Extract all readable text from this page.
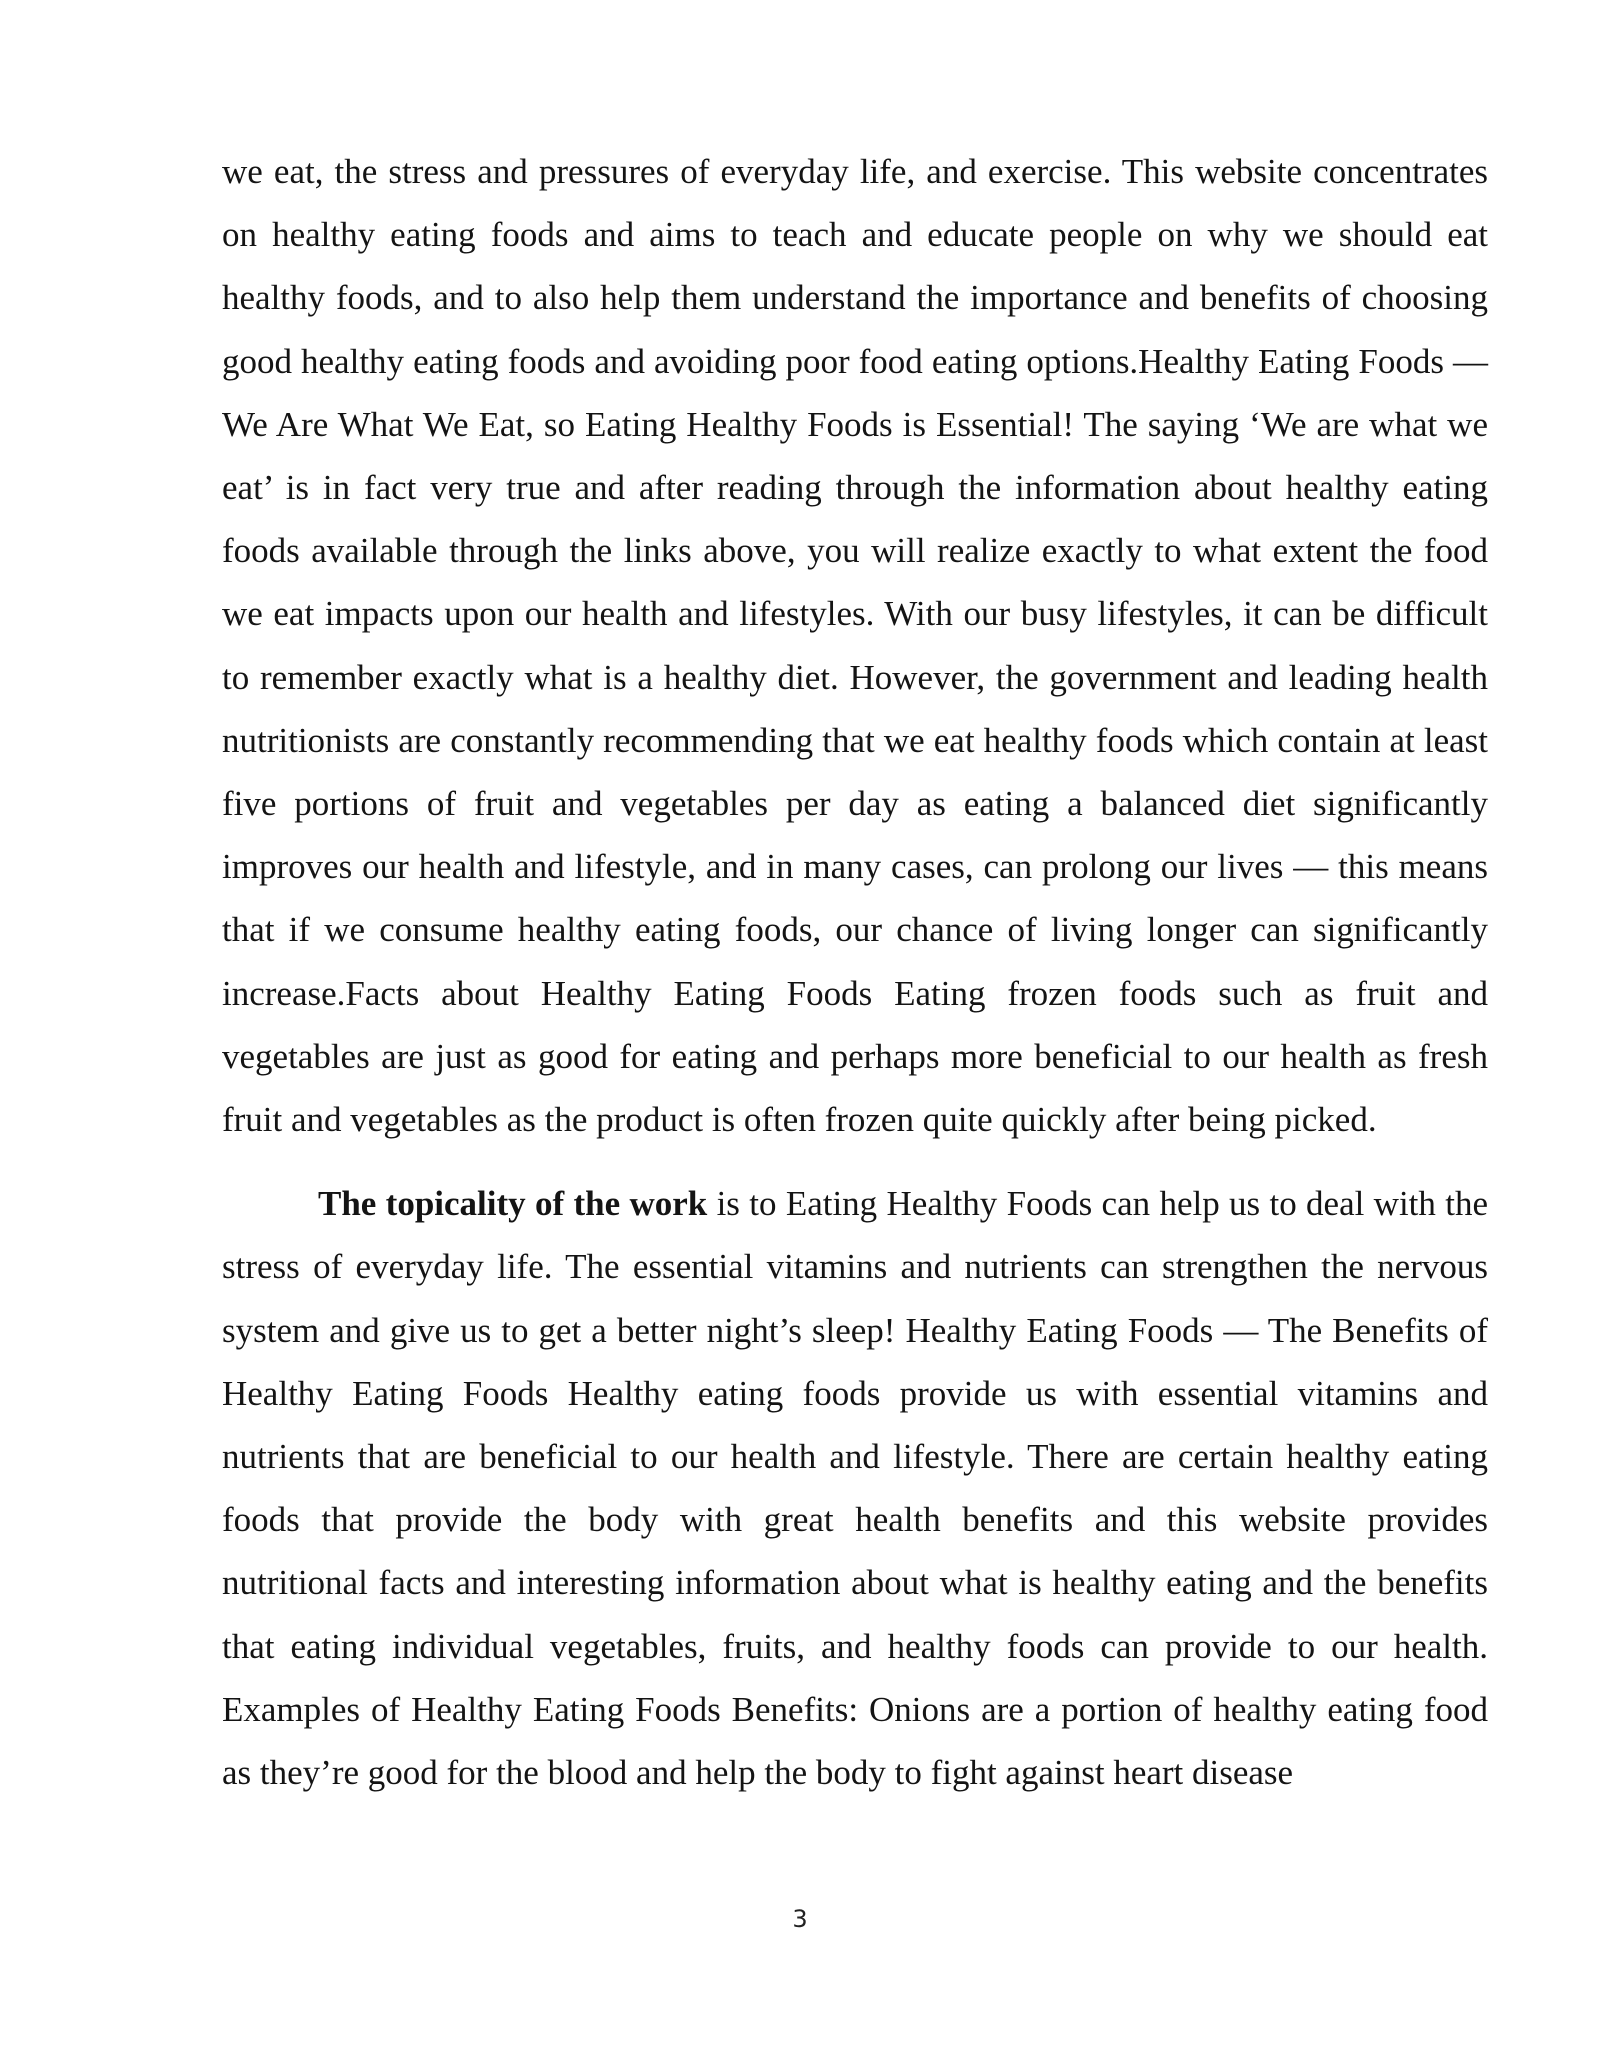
we eat, the stress and pressures of everyday life, and exercise. This website concentrates on healthy eating foods and aims to teach and educate people on why we should eat healthy foods, and to also help them understand the importance and benefits of choosing good healthy eating foods and avoiding poor food eating options.Healthy Eating Foods — We Are What We Eat, so Eating Healthy Foods is Essential! The saying ‘We are what we eat’ is in fact very true and after reading through the information about healthy eating foods available through the links above, you will realize exactly to what extent the food we eat impacts upon our health and lifestyles. With our busy lifestyles, it can be difficult to remember exactly what is a healthy diet. However, the government and leading health nutritionists are constantly recommending that we eat healthy foods which contain at least five portions of fruit and vegetables per day as eating a balanced diet significantly improves our health and lifestyle, and in many cases, can prolong our lives — this means that if we consume healthy eating foods, our chance of living longer can significantly increase.Facts about Healthy Eating Foods Eating frozen foods such as fruit and vegetables are just as good for eating and perhaps more beneficial to our health as fresh fruit and vegetables as the product is often frozen quite quickly after being picked.

The topicality of the work is to Eating Healthy Foods can help us to deal with the stress of everyday life. The essential vitamins and nutrients can strengthen the nervous system and give us to get a better night’s sleep! Healthy Eating Foods — The Benefits of Healthy Eating Foods Healthy eating foods provide us with essential vitamins and nutrients that are beneficial to our health and lifestyle. There are certain healthy eating foods that provide the body with great health benefits and this website provides nutritional facts and interesting information about what is healthy eating and the benefits that eating individual vegetables, fruits, and healthy foods can provide to our health. Examples of Healthy Eating Foods Benefits: Onions are a portion of healthy eating food as they’re good for the blood and help the body to fight against heart disease

3
